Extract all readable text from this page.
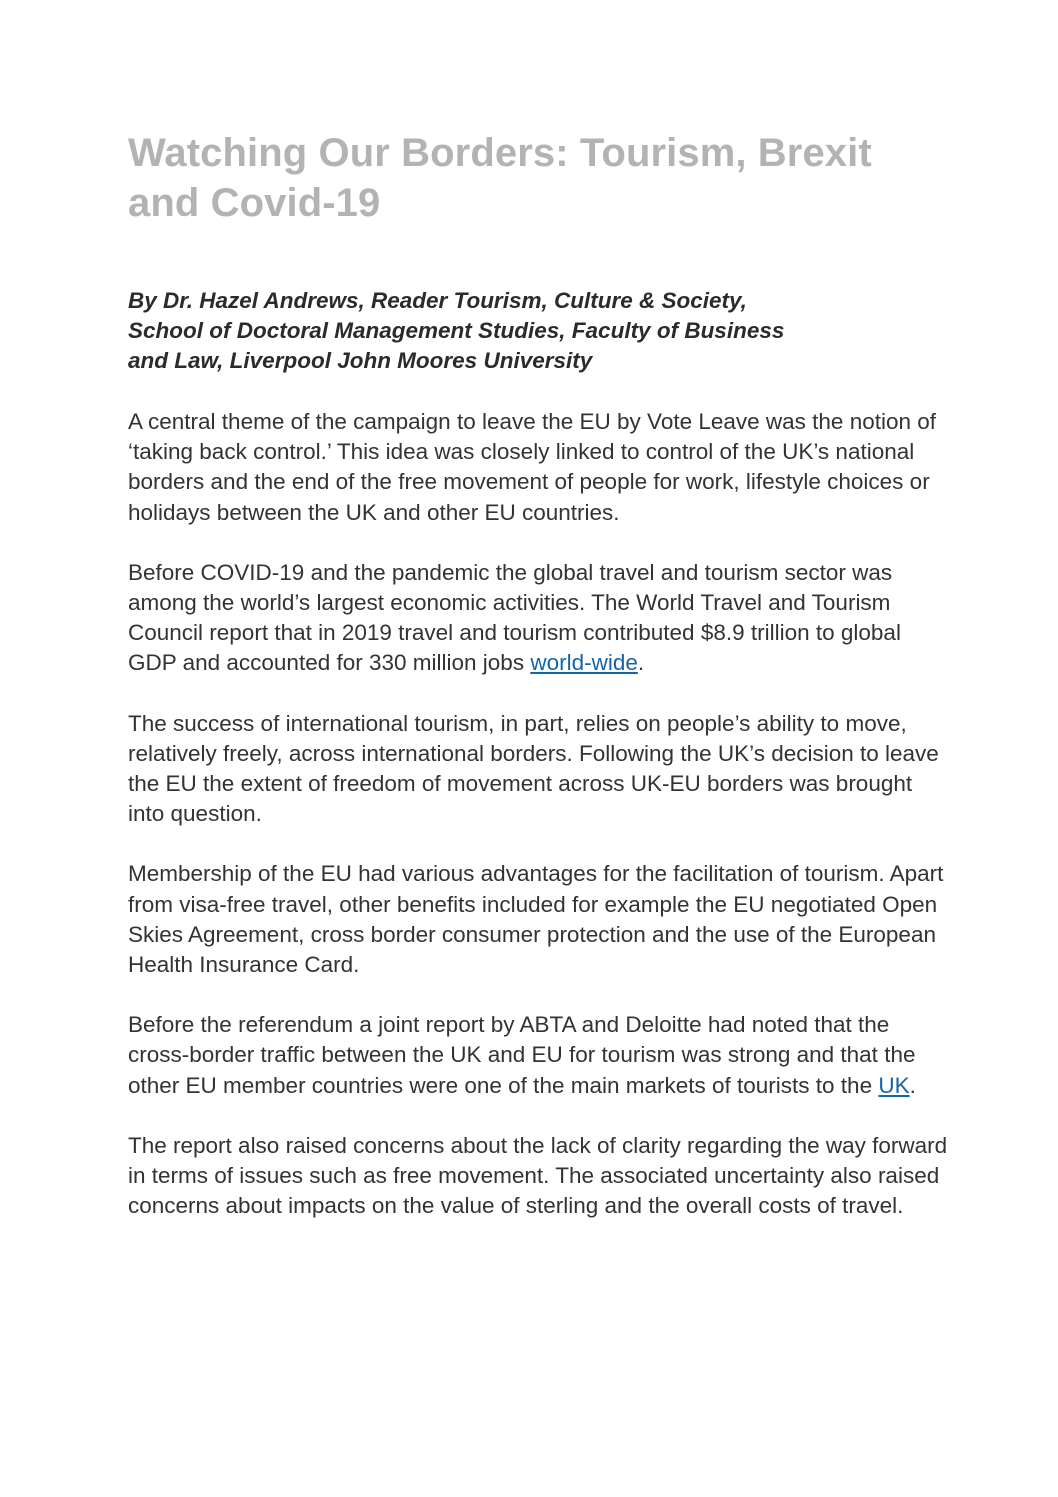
Watching Our Borders: Tourism, Brexit and Covid-19

By Dr. Hazel Andrews, Reader Tourism, Culture & Society,
School of Doctoral Management Studies, Faculty of Business
and Law, Liverpool John Moores University

A central theme of the campaign to leave the EU by Vote Leave was the notion of ‘taking back control.’ This idea was closely linked to control of the UK’s national borders and the end of the free movement of people for work, lifestyle choices or holidays between the UK and other EU countries.

Before COVID-19 and the pandemic the global travel and tourism sector was among the world’s largest economic activities. The World Travel and Tourism Council report that in 2019 travel and tourism contributed $8.9 trillion to global GDP and accounted for 330 million jobs world-wide.

The success of international tourism, in part, relies on people’s ability to move, relatively freely, across international borders. Following the UK’s decision to leave the EU the extent of freedom of movement across UK-EU borders was brought into question.

Membership of the EU had various advantages for the facilitation of tourism. Apart from visa-free travel, other benefits included for example the EU negotiated Open Skies Agreement, cross border consumer protection and the use of the European Health Insurance Card.

Before the referendum a joint report by ABTA and Deloitte had noted that the cross-border traffic between the UK and EU for tourism was strong and that the other EU member countries were one of the main markets of tourists to the UK.

The report also raised concerns about the lack of clarity regarding the way forward in terms of issues such as free movement. The associated uncertainty also raised concerns about impacts on the value of sterling and the overall costs of travel.
